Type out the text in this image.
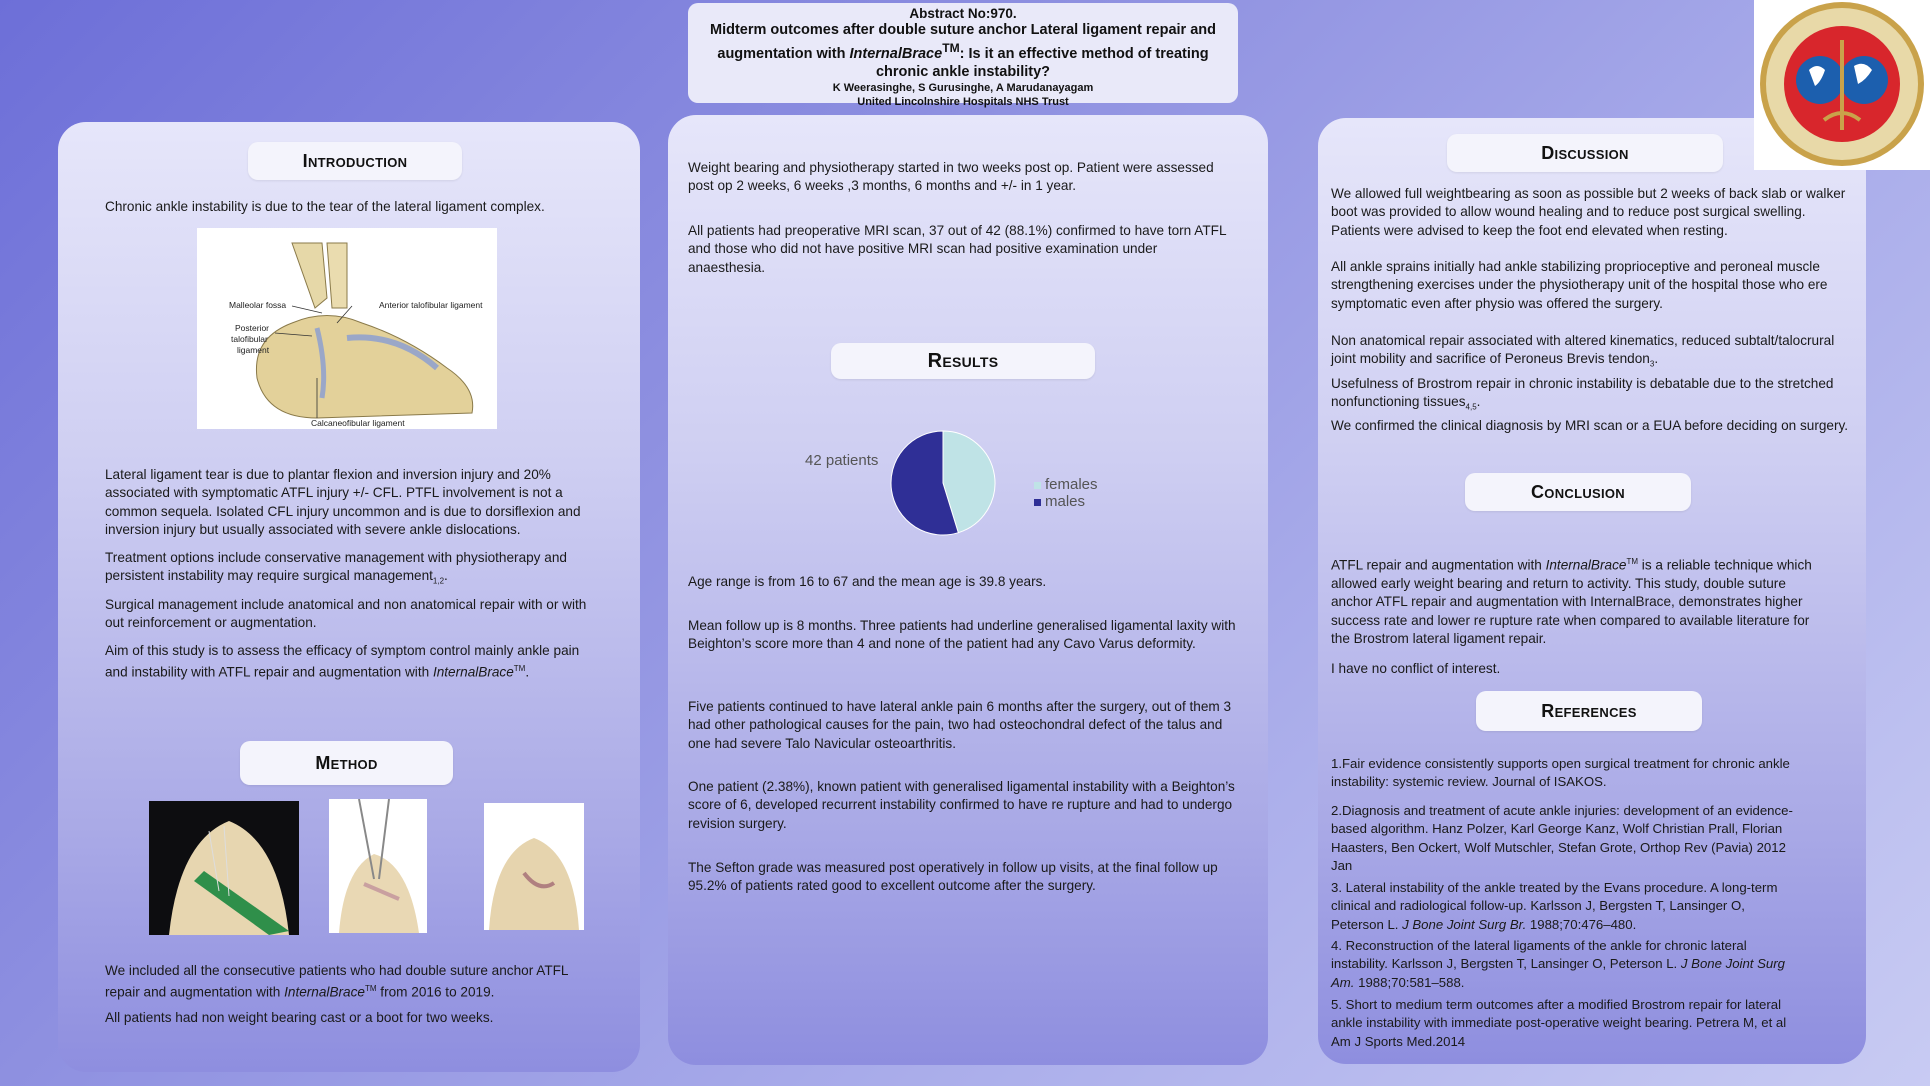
Abstract No:970.
Midterm outcomes after double suture anchor Lateral ligament repair and augmentation with InternalBrace™: Is it an effective method of treating chronic ankle instability?
K Weerasinghe, S Gurusinghe, A Marudanayagam
United Lincolnshire Hospitals NHS Trust
Introduction
Chronic ankle instability is due to the tear of the lateral ligament complex.
Malleolar fossa	Anterior talofibular ligament
Posterior
talofibular
ligament
Calcaneofibular ligament
Lateral ligament tear is due to plantar flexion and inversion injury and 20% associated with symptomatic ATFL injury +/- CFL. PTFL involvement is not a common sequela. Isolated CFL injury uncommon and is due to dorsiflexion and inversion injury but usually associated with severe ankle dislocations.
Treatment options include conservative management with physiotherapy and persistent instability may require surgical management$_{1,2}$.
Surgical management include anatomical and non anatomical repair with or with out reinforcement or augmentation.
Aim of this study is to assess the efficacy of symptom control mainly ankle pain and instability with ATFL repair and augmentation with InternalBrace™.
Method
We included all the consecutive patients who had double suture anchor ATFL repair and augmentation with InternalBrace™ from 2016 to 2019.
All patients had non weight bearing cast or a boot for two weeks.
Weight bearing and physiotherapy started in two weeks post op. Patient were assessed post op 2 weeks, 6 weeks ,3 months, 6 months and +/- in 1 year.
All patients had preoperative MRI scan, 37 out of 42 (88.1%) confirmed to have torn ATFL and those who did not have positive MRI scan had positive examination under anaesthesia.
Results
42 patients
females
males
Age range is from 16 to 67 and the mean age is 39.8 years.
Mean follow up is 8 months. Three patients had underline generalised ligamental laxity with Beighton’s score more than 4 and none of the patient had any Cavo Varus deformity.
Five patients continued to have lateral ankle pain 6 months after the surgery, out of them 3 had other pathological causes for the pain, two had osteochondral defect of the talus and one had severe Talo Navicular osteoarthritis.
One patient (2.38%), known patient with generalised ligamental instability with a Beighton’s score of 6, developed recurrent instability confirmed to have re rupture and had to undergo revision surgery.
The Sefton grade was measured post operatively in follow up visits, at the final follow up 95.2% of patients rated good to excellent outcome after the surgery.
Discussion
We allowed full weightbearing as soon as possible but 2 weeks of back slab or walker boot was provided to allow wound healing and to reduce post surgical swelling. Patients were advised to keep the foot end elevated when resting.
All ankle sprains initially had ankle stabilizing proprioceptive and peroneal muscle strengthening exercises under the physiotherapy unit of the hospital those who ere symptomatic even after physio was offered the surgery.
Non anatomical repair associated with altered kinematics, reduced subtalt/talocrural joint mobility and sacrifice of Peroneus Brevis tendon$_3$.
Usefulness of Brostrom repair in chronic instability is debatable due to the stretched nonfunctioning tissues$_{4,5}$.
We confirmed the clinical diagnosis by MRI scan or a EUA before deciding on surgery.
Conclusion
ATFL repair and augmentation with InternalBrace™ is a reliable technique which allowed early weight bearing and return to activity. This study, double suture anchor ATFL repair and augmentation with InternalBrace, demonstrates higher success rate and lower re rupture rate when compared to available literature for the Brostrom lateral ligament repair.
I have no conflict of interest.
References
1.Fair evidence consistently supports open surgical treatment for chronic ankle instability: systemic review. Journal of ISAKOS.
2.Diagnosis and treatment of acute ankle injuries: development of an evidence-based algorithm. Hanz Polzer, Karl George Kanz, Wolf Christian Prall, Florian Haasters, Ben Ockert, Wolf Mutschler, Stefan Grote, Orthop Rev (Pavia) 2012 Jan
3. Lateral instability of the ankle treated by the Evans procedure. A long-term clinical and radiological follow-up. Karlsson J, Bergsten T, Lansinger O, Peterson L. J Bone Joint Surg Br. 1988;70:476–480.
4. Reconstruction of the lateral ligaments of the ankle for chronic lateral instability. Karlsson J, Bergsten T, Lansinger O, Peterson L. J Bone Joint Surg Am. 1988;70:581–588.
5. Short to medium term outcomes after a modified Brostrom repair for lateral ankle instability with immediate post-operative weight bearing. Petrera M, et al Am J Sports Med.2014
